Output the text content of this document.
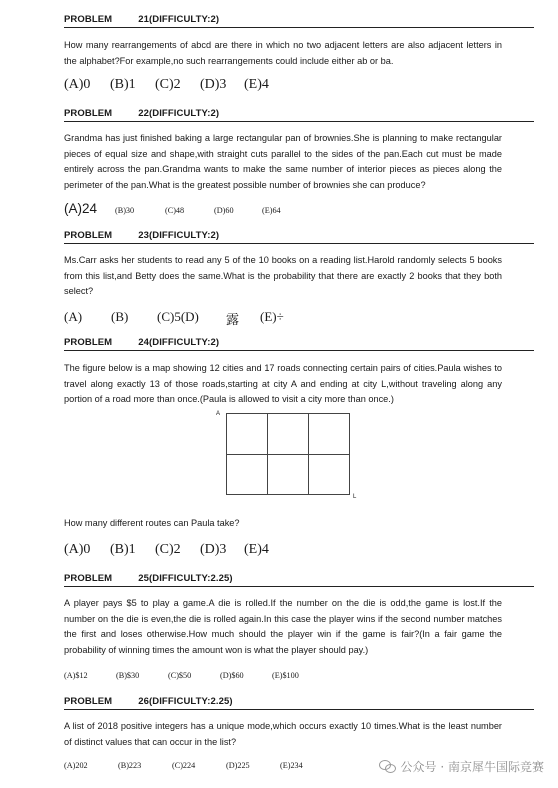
PROBLEM	21(DIFFICULTY:2)
How many rearrangements of abcd are there in which no two adjacent letters are also adjacent letters in the alphabet?For example,no such rearrangements could include either ab or ba.
(A)0 (B)1 (C)2 (D)3 (E)4
PROBLEM	22(DIFFICULTY:2)
Grandma has just finished baking a large rectangular pan of brownies.She is planning to make rectangular pieces of equal size and shape,with straight cuts parallel to the sides of the pan.Each cut must be made entirely across the pan.Grandma wants to make the same number of interior pieces as pieces along the perimeter of the pan.What is the greatest possible number of brownies she can produce?
(A)24 (B)30	(C)48	(D)60	(E)64
PROBLEM	23(DIFFICULTY:2)
Ms.Carr asks her students to read any 5 of the 10 books on a reading list.Harold randomly selects 5 books from this list,and Betty does the same.What is the probability that there are exactly 2 books that they both select?
(A) (B) (C)5(D) 露 (E)÷
PROBLEM	24(DIFFICULTY:2)
The figure below is a map showing 12 cities and 17 roads connecting certain pairs of cities.Paula wishes to travel along exactly 13 of those roads,starting at city A and ending at city L,without traveling along any portion of a road more than once.(Paula is allowed to visit a city more than once.)
A
L
How many different routes can Paula take?
(A)0 (B)1 (C)2 (D)3 (E)4
PROBLEM	25(DIFFICULTY:2.25)
A player pays $5 to play a game.A die is rolled.If the number on the die is odd,the game is lost.If the number on the die is even,the die is rolled again.In this case the player wins if the second number matches the first and loses otherwise.How much should the player win if the game is fair?(In a fair game the probability of winning times the amount won is what the player should pay.)
(A)$12	(B)$30	(C)$50	(D)$60	(E)$100
PROBLEM	26(DIFFICULTY:2.25)
A list of 2018 positive integers has a unique mode,which occurs exactly 10 times.What is the least number of distinct values that can occur in the list?
(A)202	(B)223	(C)224	(D)225	(E)234	公众号 · 南京犀牛国际竞赛
